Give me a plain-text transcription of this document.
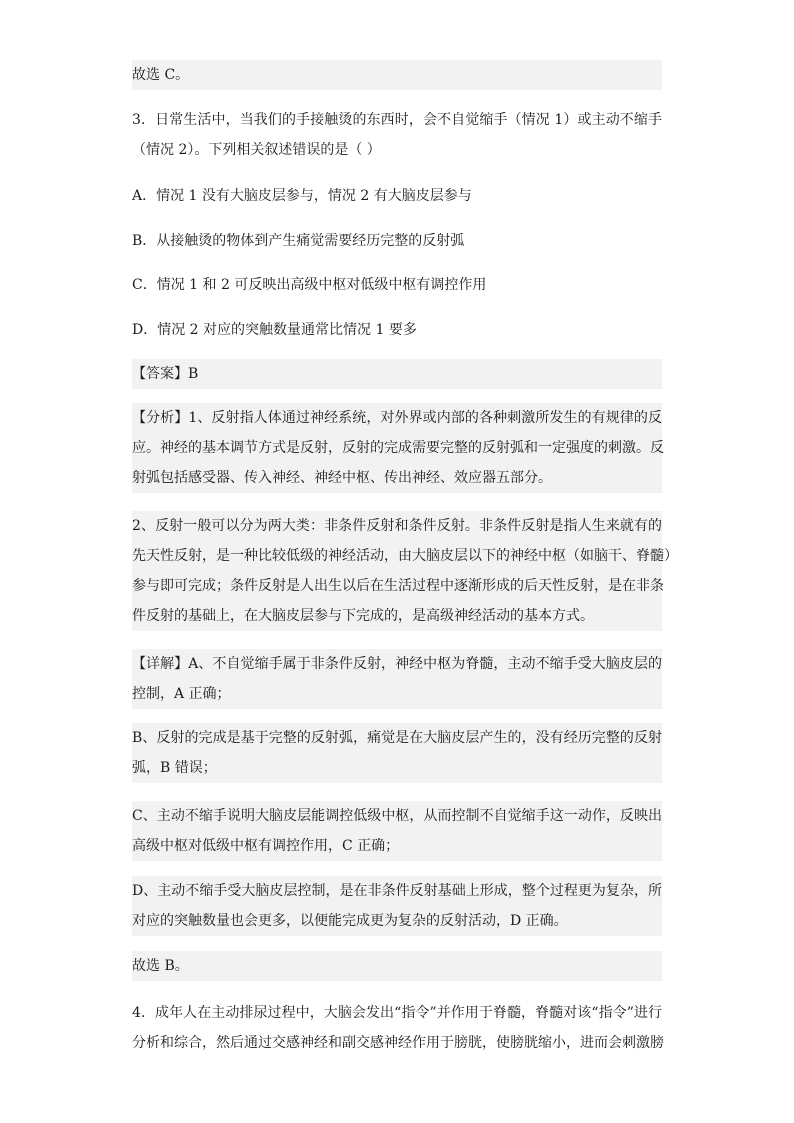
故选 C。
3．日常生活中，当我们的手接触烫的东西时，会不自觉缩手（情况 1）或主动不缩手
（情况 2）。下列相关叙述错误的是（ ）
A．情况 1 没有大脑皮层参与，情况 2 有大脑皮层参与
B．从接触烫的物体到产生痛觉需要经历完整的反射弧
C．情况 1 和 2 可反映出高级中枢对低级中枢有调控作用
D．情况 2 对应的突触数量通常比情况 1 要多
【答案】B
【分析】1、反射指人体通过神经系统，对外界或内部的各种刺激所发生的有规律的反
应。神经的基本调节方式是反射，反射的完成需要完整的反射弧和一定强度的刺激。反
射弧包括感受器、传入神经、神经中枢、传出神经、效应器五部分。
2、反射一般可以分为两大类：非条件反射和条件反射。非条件反射是指人生来就有的
先天性反射，是一种比较低级的神经活动，由大脑皮层以下的神经中枢（如脑干、脊髓）
参与即可完成；条件反射是人出生以后在生活过程中逐渐形成的后天性反射，是在非条
件反射的基础上，在大脑皮层参与下完成的，是高级神经活动的基本方式。
【详解】A、不自觉缩手属于非条件反射，神经中枢为脊髓，主动不缩手受大脑皮层的
控制，A 正确；
B、反射的完成是基于完整的反射弧，痛觉是在大脑皮层产生的，没有经历完整的反射
弧，B 错误；
C、主动不缩手说明大脑皮层能调控低级中枢，从而控制不自觉缩手这一动作，反映出
高级中枢对低级中枢有调控作用，C 正确；
D、主动不缩手受大脑皮层控制，是在非条件反射基础上形成，整个过程更为复杂，所
对应的突触数量也会更多，以便能完成更为复杂的反射活动，D 正确。
故选 B。
4．成年人在主动排尿过程中，大脑会发出“指令”并作用于脊髓，脊髓对该“指令”进行
分析和综合，然后通过交感神经和副交感神经作用于膀胱，使膀胱缩小，进而会刺激膀
